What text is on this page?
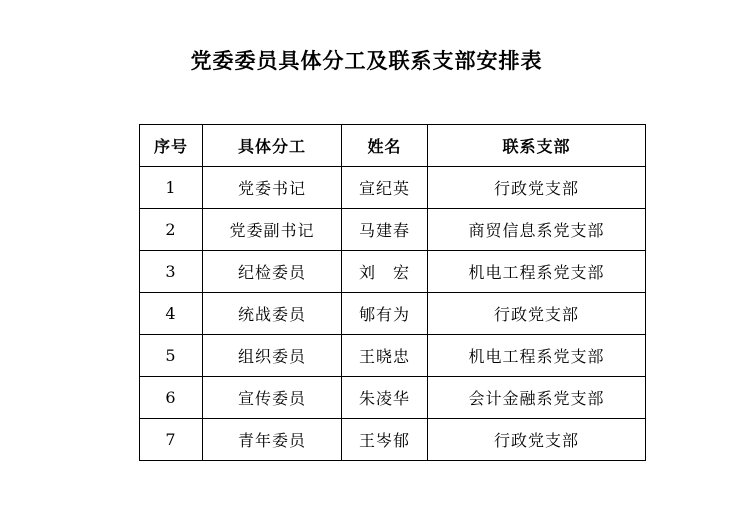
党委委员具体分工及联系支部安排表
序号	具体分工	姓名	联系支部
1	党委书记	宣纪英	行政党支部
2	党委副书记	马建春	商贸信息系党支部
3	纪检委员	刘　宏	机电工程系党支部
4	统战委员	郇有为	行政党支部
5	组织委员	王晓忠	机电工程系党支部
6	宣传委员	朱凌华	会计金融系党支部
7	青年委员	王岑郁	行政党支部
